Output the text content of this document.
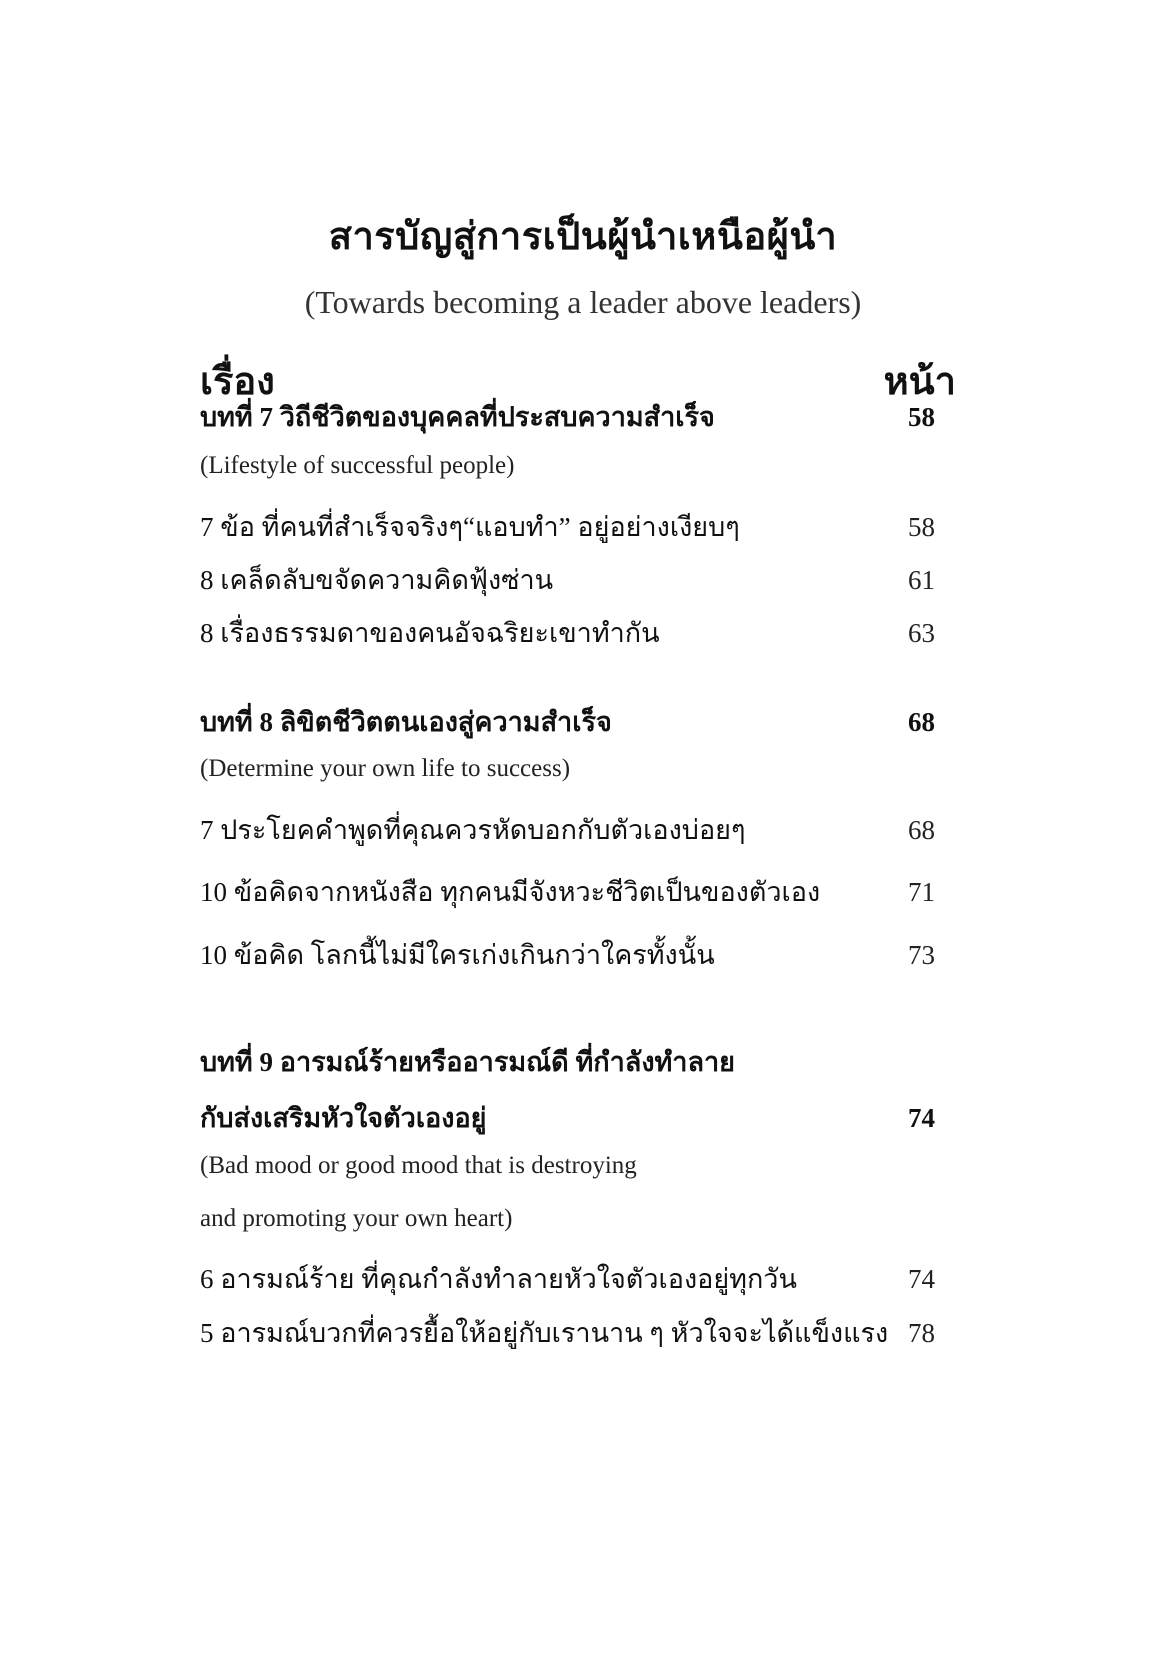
สารบัญสู่การเป็นผู้นำเหนือผู้นำ
(Towards becoming a leader above leaders)
เรื่อง	หน้า
บทที่ 7 วิถีชีวิตของบุคคลที่ประสบความสำเร็จ	58
(Lifestyle of successful people)
7 ข้อ ที่คนที่สำเร็จจริงๆ“แอบทำ” อยู่อย่างเงียบๆ	58
8 เคล็ดลับขจัดความคิดฟุ้งซ่าน	61
8 เรื่องธรรมดาของคนอัจฉริยะเขาทำกัน	63
บทที่ 8 ลิขิตชีวิตตนเองสู่ความสำเร็จ	68
(Determine your own life to success)
7 ประโยคคำพูดที่คุณควรหัดบอกกับตัวเองบ่อยๆ	68
10 ข้อคิดจากหนังสือ ทุกคนมีจังหวะชีวิตเป็นของตัวเอง	71
10 ข้อคิด โลกนี้ไม่มีใครเก่งเกินกว่าใครทั้งนั้น	73
บทที่ 9 อารมณ์ร้ายหรืออารมณ์ดี ที่กำลังทำลาย
กับส่งเสริมหัวใจตัวเองอยู่	74
(Bad mood or good mood that is destroying
and promoting your own heart)
6 อารมณ์ร้าย ที่คุณกำลังทำลายหัวใจตัวเองอยู่ทุกวัน	74
5 อารมณ์บวกที่ควรยื้อให้อยู่กับเรานาน ๆ หัวใจจะได้แข็งแรง 78
